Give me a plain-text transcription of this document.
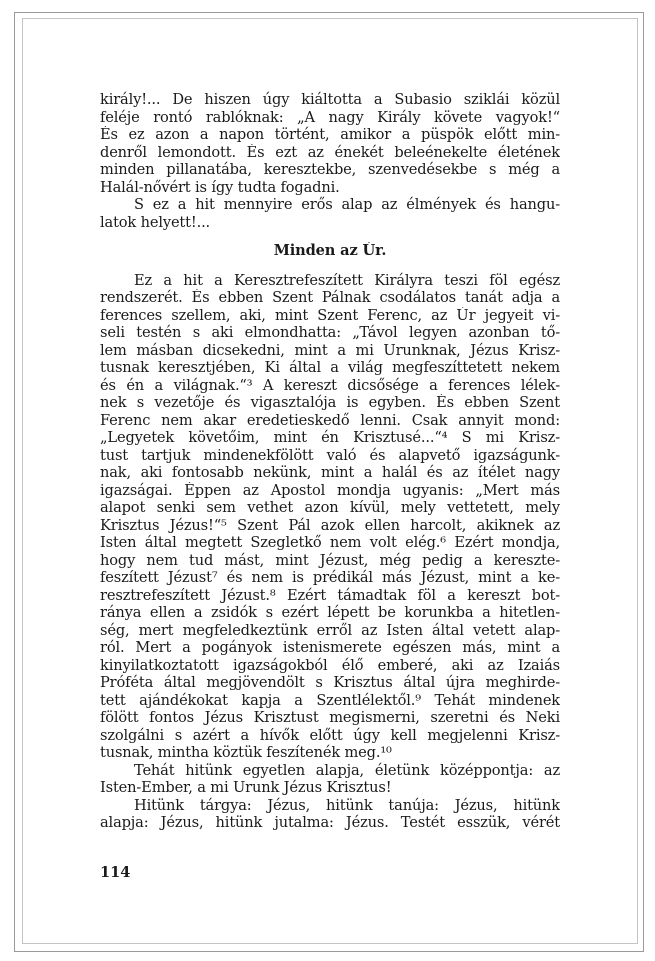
király!... De hiszen úgy kiáltotta a Subasio sziklái közül

feléje rontó rablóknak: „A nagy Király követe vagyok!“

És ez azon a napon történt, amikor a püspök előtt min-

denről lemondott. És ezt az énekét beleénekelte életének

minden pillanatába, keresztekbe, szenvedésekbe s még a

Halál-nővért is így tudta fogadni.

S ez a hit mennyire erős alap az élmények és hangu-

latok helyett!...

Minden az Úr.

Ez a hit a Keresztrefeszített Királyra teszi föl egész

rendszerét. És ebben Szent Pálnak csodálatos tanát adja a

ferences szellem, aki, mint Szent Ferenc, az Úr jegyeit vi-

seli testén s aki elmondhatta: „Távol legyen azonban tő-

lem másban dicsekedni, mint a mi Urunknak, Jézus Krisz-

tusnak keresztjében, Ki által a világ megfeszíttetett nekem

és én a világnak.“³ A kereszt dicsősége a ferences lélek-

nek s vezetője és vigasztalója is egyben. És ebben Szent

Ferenc nem akar eredetieskedő lenni. Csak annyit mond:

„Legyetek követőim, mint én Krisztusé...“⁴ S mi Krisz-

tust tartjuk mindenekfölött való és alapvető igazságunk-

nak, aki fontosabb nekünk, mint a halál és az ítélet nagy

igazságai. Éppen az Apostol mondja ugyanis: „Mert más

alapot senki sem vethet azon kívül, mely vettetett, mely

Krisztus Jézus!“⁵ Szent Pál azok ellen harcolt, akiknek az

Isten által megtett Szegletkő nem volt elég.⁶ Ezért mondja,

hogy nem tud mást, mint Jézust, még pedig a kereszte-

feszített Jézust⁷ és nem is prédikál más Jézust, mint a ke-

resztrefeszített Jézust.⁸ Ezért támadtak föl a kereszt bot-

ránya ellen a zsidók s ezért lépett be korunkba a hitetlen-

ség, mert megfeledkeztünk erről az Isten által vetett alap-

ról. Mert a pogányok istenismerete egészen más, mint a

kinyilatkoztatott igazságokból élő emberé, aki az Izaiás

Próféta által megjövendölt s Krisztus által újra meghirde-

tett ajándékokat kapja a Szentlélektől.⁹ Tehát mindenek

fölött fontos Jézus Krisztust megismerni, szeretni és Neki

szolgálni s azért a hívők előtt úgy kell megjelenni Krisz-

tusnak, mintha köztük feszítenék meg.¹⁰

Tehát hitünk egyetlen alapja, életünk középpontja: az

Isten-Ember, a mi Urunk Jézus Krisztus!

Hitünk tárgya: Jézus, hitünk tanúja: Jézus, hitünk

alapja: Jézus, hitünk jutalma: Jézus. Testét esszük, vérét

114
